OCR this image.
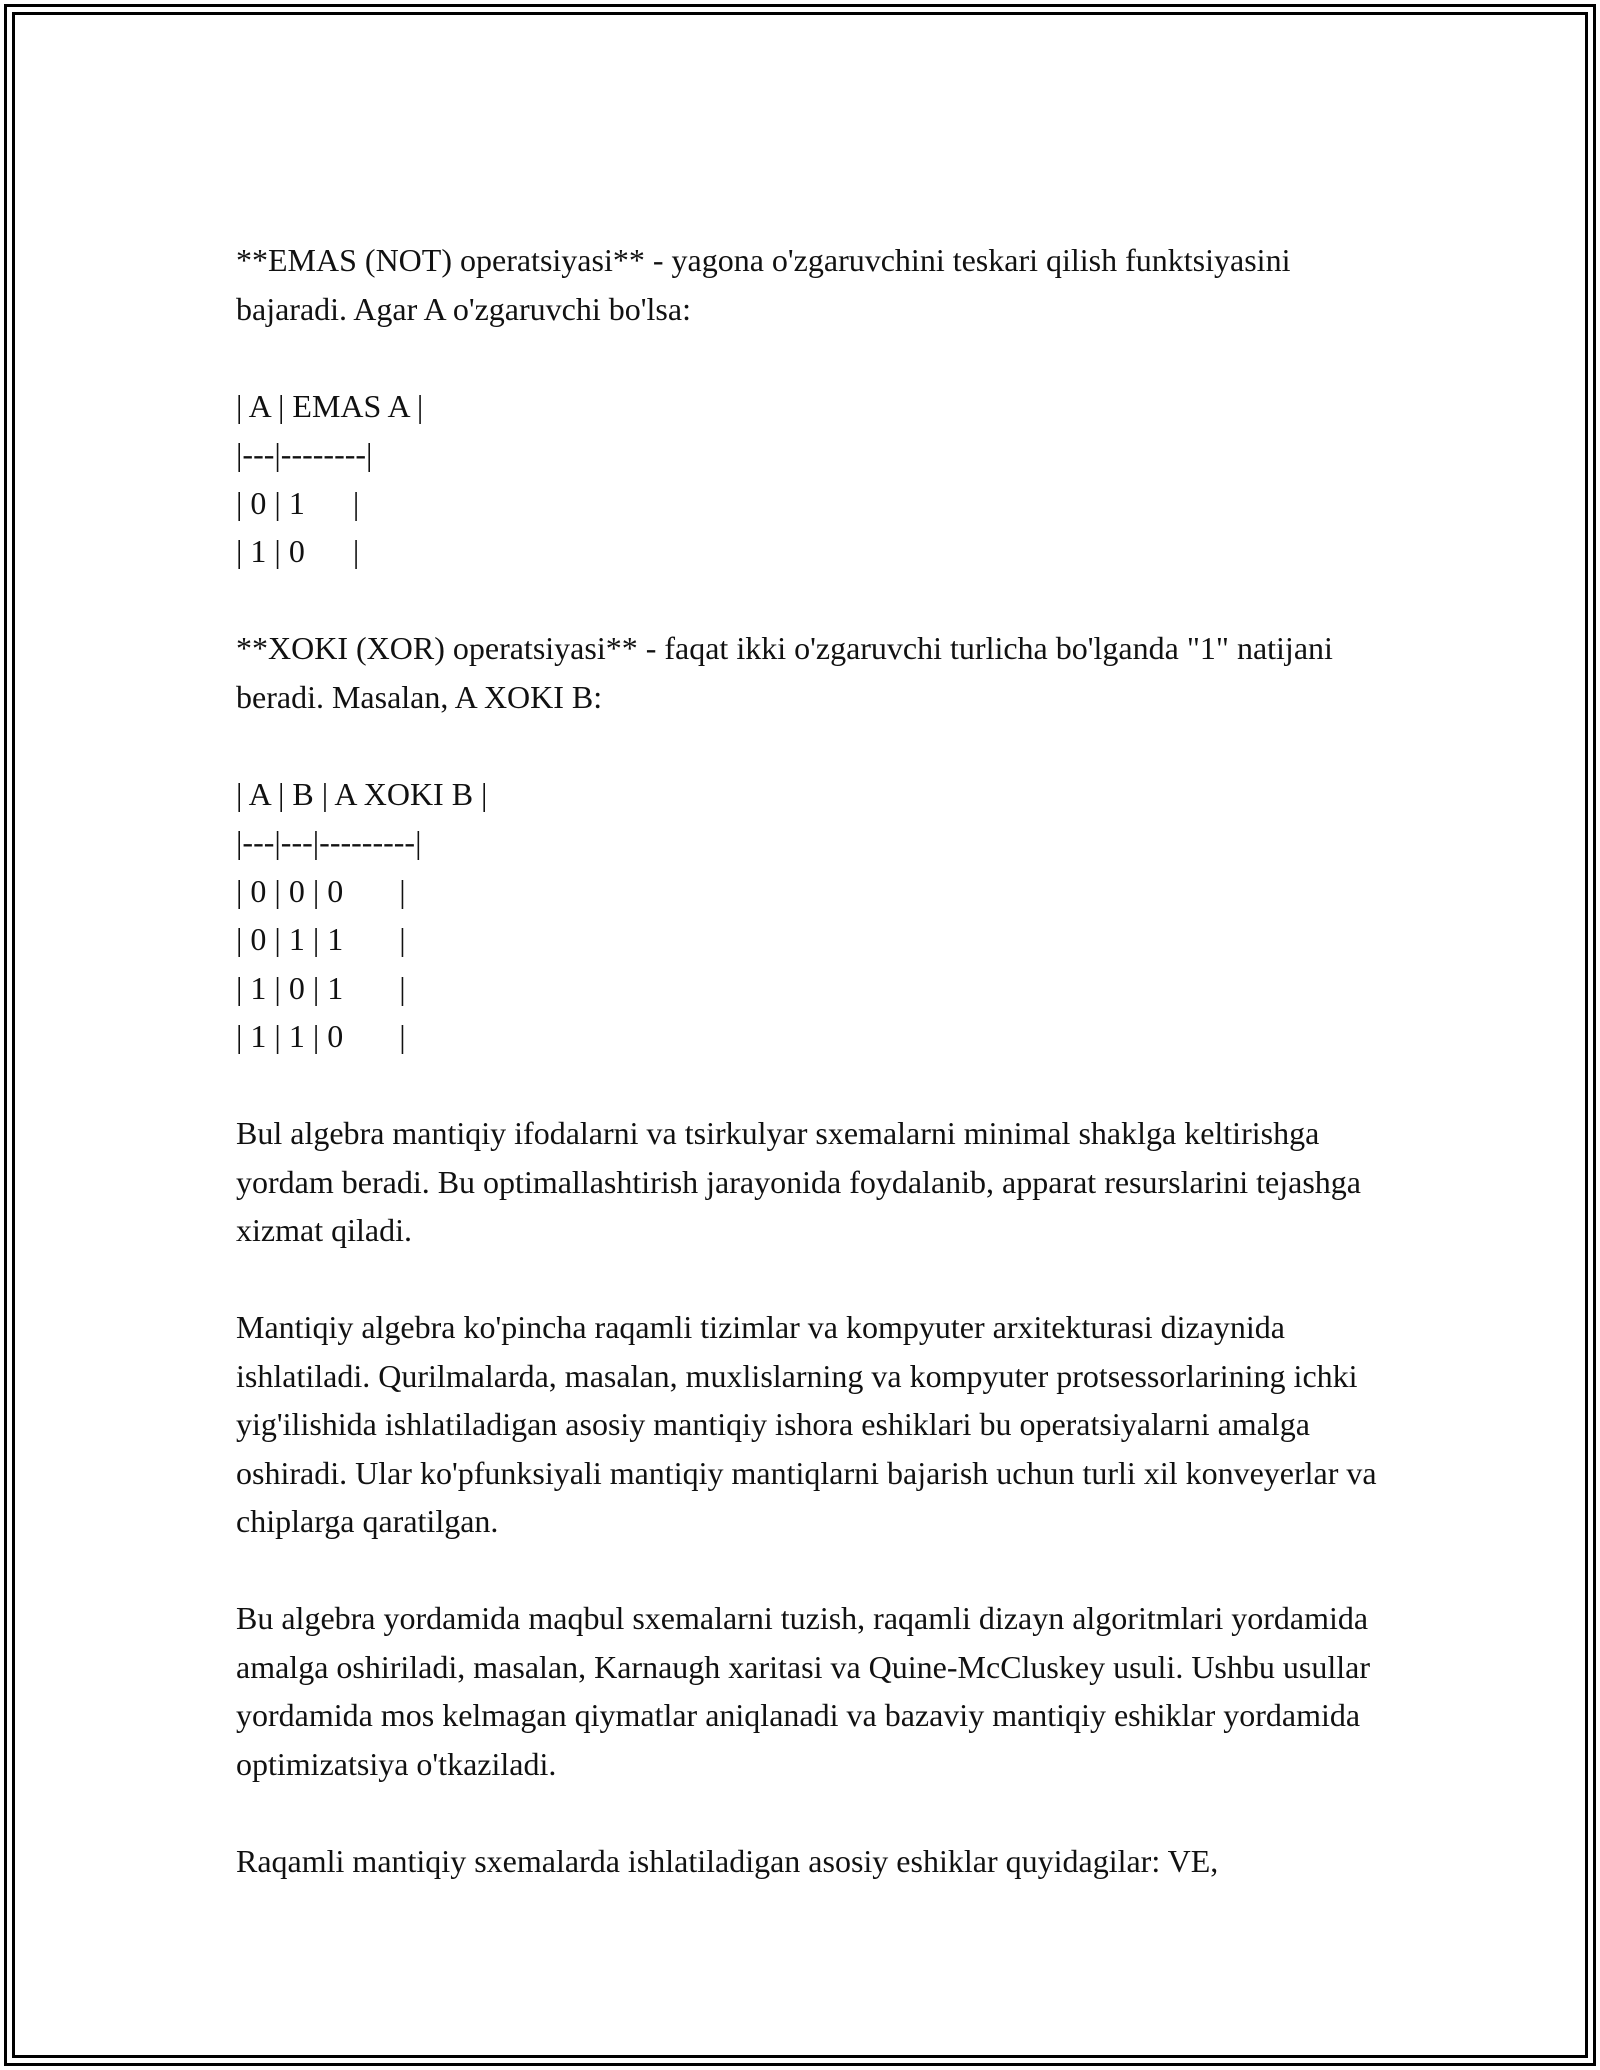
**EMAS (NOT) operatsiyasi** - yagona o'zgaruvchini teskari qilish funktsiyasini bajaradi. Agar A o'zgaruvchi bo'lsa:

| A | EMAS A |
|---|--------|
| 0 | 1      |
| 1 | 0      |

**XOKI (XOR) operatsiyasi** - faqat ikki o'zgaruvchi turlicha bo'lganda "1" natijani beradi. Masalan, A XOKI B:

| A | B | A XOKI B |
|---|---|---------|
| 0 | 0 | 0       |
| 0 | 1 | 1       |
| 1 | 0 | 1       |
| 1 | 1 | 0       |

Bul algebra mantiqiy ifodalarni va tsirkulyar sxemalarni minimal shaklga keltirishga yordam beradi. Bu optimallashtirish jarayonida foydalanib, apparat resurslarini tejashga xizmat qiladi.

Mantiqiy algebra ko'pincha raqamli tizimlar va kompyuter arxitekturasi dizaynida ishlatiladi. Qurilmalarda, masalan, muxlislarning va kompyuter protsessorlarining ichki yig'ilishida ishlatiladigan asosiy mantiqiy ishora eshiklari bu operatsiyalarni amalga oshiradi. Ular ko'pfunksiyali mantiqiy mantiqlarni bajarish uchun turli xil konveyerlar va chiplarga qaratilgan.

Bu algebra yordamida maqbul sxemalarni tuzish, raqamli dizayn algoritmlari yordamida amalga oshiriladi, masalan, Karnaugh xaritasi va Quine-McCluskey usuli. Ushbu usullar yordamida mos kelmagan qiymatlar aniqlanadi va bazaviy mantiqiy eshiklar yordamida optimizatsiya o'tkaziladi.

Raqamli mantiqiy sxemalarda ishlatiladigan asosiy eshiklar quyidagilar: VE,
